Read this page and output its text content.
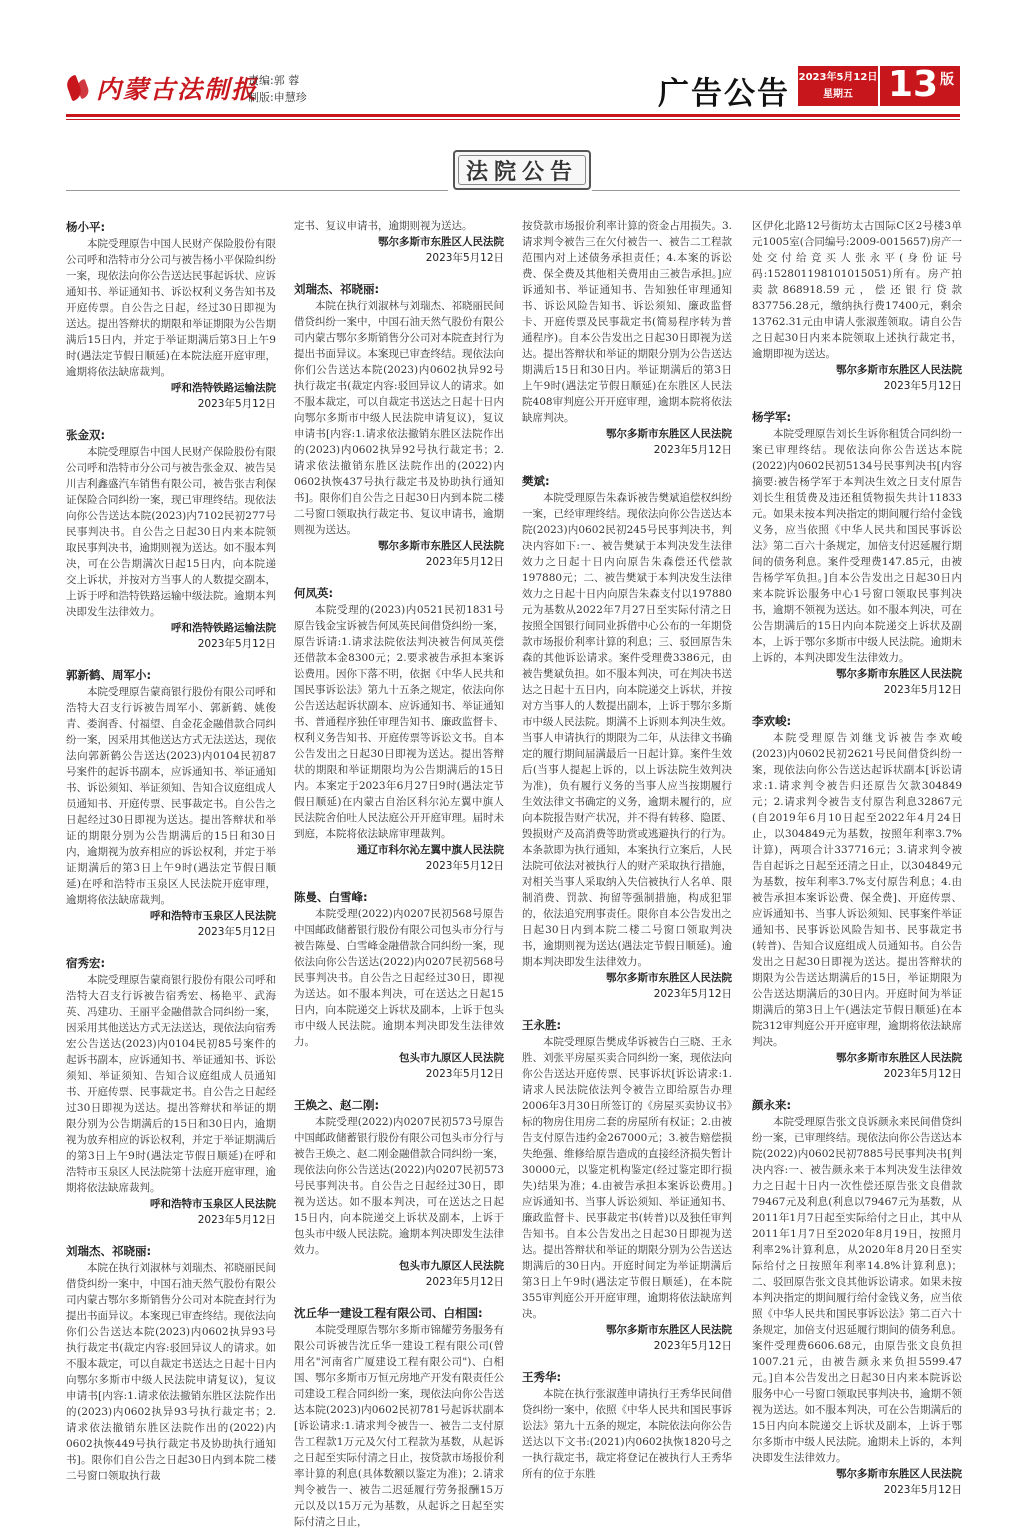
内蒙古法制报
责编:郭 蓉
制版:申慧珍	广告公告 2023年5月12日
星期五 13 版
法院公告
杨小平:
本院受理原告中国人民财产保险股份有限公司呼和浩特市分公司与被告杨小平保险纠纷一案，现依法向你公告送达民事起诉状、应诉通知书、举证通知书、诉讼权利义务告知书及开庭传票。自公告之日起，经过30日即视为送达。提出答辩状的期限和举证期限为公告期满后15日内，并定于举证期满后第3日上午9时(遇法定节假日顺延)在本院法庭开庭审理，逾期将依法缺席裁判。
呼和浩特铁路运输法院
2023年5月12日
张金双:
本院受理原告中国人民财产保险股份有限公司呼和浩特市分公司与被告张金双、被告吴川吉利鑫盛汽车销售有限公司，被告张吉利保证保险合同纠纷一案，现已审理终结。现依法向你公告送达本院(2023)内7102民初277号民事判决书。自公告之日起30日内来本院领取民事判决书，逾期则视为送达。如不服本判决，可在公告期满次日起15日内，向本院递交上诉状，并按对方当事人的人数提交副本，上诉于呼和浩特铁路运输中级法院。逾期本判决即发生法律效力。
呼和浩特铁路运输法院
2023年5月12日
郭新鹤、周军小:
本院受理原告蒙商银行股份有限公司呼和浩特大召支行诉被告周军小、郭新鹤、姚俊青、娄润香、付福望、自金花金融借款合同纠纷一案，因采用其他送达方式无法送达，现依法向郭新鹤公告送达(2023)内0104民初87号案件的起诉书副本，应诉通知书、举证通知书、诉讼须知、举证须知、告知合议庭组成人员通知书、开庭传票、民事裁定书。自公告之日起经过30日即视为送达。提出答辩状和举证的期限分别为公告期满后的15日和30日内，逾期视为放弃相应的诉讼权利，并定于举证期满后的第3日上午9时(遇法定节假日顺延)在呼和浩特市玉泉区人民法院开庭审理，逾期将依法缺席裁判。
呼和浩特市玉泉区人民法院
2023年5月12日
宿秀宏:
本院受理原告蒙商银行股份有限公司呼和浩特大召支行诉被告宿秀宏、杨艳平、武海英、冯建功、王丽平金融借款合同纠纷一案，因采用其他送达方式无法送达，现依法向宿秀宏公告送达(2023)内0104民初85号案件的起诉书副本，应诉通知书、举证通知书、诉讼须知、举证须知、告知合议庭组成人员通知书、开庭传票、民事裁定书。自公告之日起经过30日即视为送达。提出答辩状和举证的期限分别为公告期满后的15日和30日内，逾期视为放弃相应的诉讼权利，并定于举证期满后的第3日上午9时(遇法定节假日顺延)在呼和浩特市玉泉区人民法院第十法庭开庭审理，逾期将依法缺席裁判。
呼和浩特市玉泉区人民法院
2023年5月12日
刘瑞杰、祁晓丽:
本院在执行刘淑林与刘瑞杰、祁晓丽民间借贷纠纷一案中，中国石油天然气股份有限公司内蒙古鄂尔多斯销售分公司对本院查封行为提出书面异议。本案现已审查终结。现依法向你们公告送达本院(2023)内0602执异93号执行裁定书(裁定内容:驳回异议人的请求。如不服本裁定，可以自裁定书送达之日起十日内向鄂尔多斯市中级人民法院申请复议)，复议申请书[内容:1.请求依法撤销东胜区法院作出的(2023)内0602执异93号执行裁定书；2.请求依法撤销东胜区法院作出的(2022)内0602执恢449号执行裁定书及协助执行通知书]。限你们自公告之日起30日内到本院二楼二号窗口领取执行裁
定书、复议申请书，逾期则视为送达。
鄂尔多斯市东胜区人民法院
2023年5月12日
刘瑞杰、祁晓丽:
本院在执行刘淑林与刘瑞杰、祁晓丽民间借贷纠纷一案中，中国石油天然气股份有限公司内蒙古鄂尔多斯销售分公司对本院查封行为提出书面异议。本案现已审查终结。现依法向你们公告送达本院(2023)内0602执异92号执行裁定书(裁定内容:驳回异议人的请求。如不服本裁定，可以自裁定书送达之日起十日内向鄂尔多斯市中级人民法院申请复议)，复议申请书[内容:1.请求依法撤销东胜区法院作出的(2023)内0602执异92号执行裁定书；2.请求依法撤销东胜区法院作出的(2022)内0602执恢437号执行裁定书及协助执行通知书]。限你们自公告之日起30日内到本院二楼二号窗口领取执行裁定书、复议申请书，逾期则视为送达。
鄂尔多斯市东胜区人民法院
2023年5月12日
何凤英:
本院受理的(2023)内0521民初1831号原告钱金宝诉被告何凤英民间借贷纠纷一案，原告诉请:1.请求法院依法判决被告何凤英偿还借款本金8300元；2.要求被告承担本案诉讼费用。因你下落不明，依据《中华人民共和国民事诉讼法》第九十五条之规定，依法向你公告送达起诉状副本、应诉通知书、举证通知书、普通程序独任审理告知书、廉政监督卡、权利义务告知书、开庭传票等诉讼文书。自本公告发出之日起30日即视为送达。提出答辩状的期限和举证期限均为公告期满后的15日内。本案定于2023年6月27日9时(遇法定节假日顺延)在内蒙古自治区科尔沁左翼中旗人民法院舍伯吐人民法庭公开开庭审理。届时未到庭，本院将依法缺席审理裁判。
通辽市科尔沁左翼中旗人民法院
2023年5月12日
陈曼、白雪峰:
本院受理(2022)内0207民初568号原告中国邮政储蓄银行股份有限公司包头市分行与被告陈曼、白雪峰金融借款合同纠纷一案，现依法向你公告送达(2022)内0207民初568号民事判决书。自公告之日起经过30日，即视为送达。如不服本判决，可在送达之日起15日内，向本院递交上诉状及副本，上诉于包头市中级人民法院。逾期本判决即发生法律效力。
包头市九原区人民法院
2023年5月12日
王焕之、赵二刚:
本院受理(2022)内0207民初573号原告中国邮政储蓄银行股份有限公司包头市分行与被告王焕之、赵二刚金融借款合同纠纷一案，现依法向你公告送达(2022)内0207民初573号民事判决书。自公告之日起经过30日，即视为送达。如不服本判决，可在送达之日起15日内，向本院递交上诉状及副本，上诉于包头市中级人民法院。逾期本判决即发生法律效力。
包头市九原区人民法院
2023年5月12日
沈丘华一建设工程有限公司、白相国:
本院受理原告鄂尔多斯市锦耀劳务服务有限公司诉被告沈丘华一建设工程有限公司(曾用名"河南省广厦建设工程有限公司")、白相国、鄂尔多斯市万恒元房地产开发有限责任公司建设工程合同纠纷一案，现依法向你公告送达本院(2023)内0602民初781号起诉状副本[诉讼请求:1.请求判令被告一、被告二支付原告工程款1万元及欠付工程款为基数，从起诉之日起至实际付清之日止，按贷款市场报价利率计算的利息(具体数额以鉴定为准)；2.请求判令被告一、被告二迟延履行劳务报酬15万元以及以15万元为基数，从起诉之日起至实际付清之日止，
按贷款市场报价利率计算的资金占用损失。3.请求判令被告三在欠付被告一、被告二工程款范围内对上述债务承担责任；4.本案的诉讼费、保全费及其他相关费用由三被告承担。]应诉通知书、举证通知书、告知独任审理通知书、诉讼风险告知书、诉讼须知、廉政监督卡、开庭传票及民事裁定书(简易程序转为普通程序)。自本公告发出之日起30日即视为送达。提出答辩状和举证的期限分别为公告送达期满后15日和30日内。举证期满后的第3日上午9时(遇法定节假日顺延)在东胜区人民法院408审判庭公开开庭审理，逾期本院将依法缺席判决。
鄂尔多斯市东胜区人民法院
2023年5月12日
樊斌:
本院受理原告朱森诉被告樊斌追偿权纠纷一案，已经审理终结。现依法向你公告送达本院(2023)内0602民初245号民事判决书，判决内容如下:一、被告樊斌于本判决发生法律效力之日起十日内向原告朱森偿还代偿款197880元；二、被告樊斌于本判决发生法律效力之日起十日内向原告朱森支付以197880元为基数从2022年7月27日至实际付清之日按照全国银行间同业拆借中心公布的一年期贷款市场报价利率计算的利息；三、驳回原告朱森的其他诉讼请求。案件受理费3386元，由被告樊斌负担。如不服本判决，可在判决书送达之日起十五日内，向本院递交上诉状，并按对方当事人的人数提出副本，上诉于鄂尔多斯市中级人民法院。期满不上诉则本判决生效。当事人申请执行的期限为二年，从法律文书确定的履行期间届满最后一日起计算。案件生效后(当事人提起上诉的，以上诉法院生效判决为准)，负有履行义务的当事人应当按期履行生效法律文书确定的义务，逾期未履行的，应向本院报告财产状况，并不得有转移、隐匿、毁损财产及高消费等助赏或逃避执行的行为。本条款即为执行通知，本案执行立案后，人民法院可依法对被执行人的财产采取执行措施，对相关当事人采取纳入失信被执行人名单、限制消费、罚款、拘留等强制措施，构成犯罪的，依法追究刑事责任。限你自本公告发出之日起30日内到本院二楼二号窗口领取判决书，逾期则视为送达(遇法定节假日顺延)。逾期本判决即发生法律效力。
鄂尔多斯市东胜区人民法院
2023年5月12日
王永胜:
本院受理原告樊成华诉被告白三晓、王永胜、刘张平房屋买卖合同纠纷一案，现依法向你公告送达开庭传票、民事诉状[诉讼请求:1.请求人民法院依法判令被告立即给原告办理2006年3月30日所签订的《房屋买卖协议书》标的物房住用房二套的房屋所有权证；2.由被告支付原告违约金267000元；3.被告赔偿损失绝强、维修给原告造成的直接经济损失暂计30000元，以鉴定机构鉴定(经过鉴定即行损失)结果为准；4.由被告承担本案诉讼费用。]应诉通知书、当事人诉讼须知、举证通知书、廉政监督卡、民事裁定书(转普)以及独任审判告知书。自本公告发出之日起30日即视为送达。提出答辩状和举证的期限分别为公告送达期满后的30日内。开庭时间定为举证期满后第3日上午9时(遇法定节假日顺延)，在本院355审判庭公开开庭审理，逾期将依法缺席判决。
鄂尔多斯市东胜区人民法院
2023年5月12日
王秀华:
本院在执行张淑莲申请执行王秀华民间借贷纠纷一案中，依照《中华人民共和国民事诉讼法》第九十五条的规定，本院依法向你公告送达以下文书:(2021)内0602执恢1820号之一执行裁定书，裁定将登记在被执行人王秀华所有的位于东胜
区伊化北路12号街坊太古国际C区2号楼3单元1005室(合同编号:2009-0015657)房产一处交付给竞买人张永平(身份证号码:152801198101015051)所有。房产拍卖款868918.59元，偿还银行贷款837756.28元，缴纳执行费17400元，剩余13762.31元由申请人张淑莲领取。请自公告之日起30日内来本院领取上述执行裁定书，逾期即视为送达。
鄂尔多斯市东胜区人民法院
2023年5月12日
杨学军:
本院受理原告刘长生诉你租赁合同纠纷一案已审理终结。现依法向你公告送达本院(2022)内0602民初5134号民事判决书[内容摘要:被告杨学军于本判决生效之日支付原告刘长生租赁费及违还租赁物损失共计11833元。如果未按本判决指定的期间履行给付金钱义务，应当依照《中华人民共和国民事诉讼法》第二百六十条规定，加倍支付迟延履行期间的债务利息。案件受理费147.85元，由被告杨学军负担。]自本公告发出之日起30日内来本院诉讼服务中心1号窗口领取民事判决书，逾期不领视为送达。如不服本判决，可在公告期满后的15日内向本院递交上诉状及副本，上诉于鄂尔多斯市中级人民法院。逾期未上诉的，本判决即发生法律效力。
鄂尔多斯市东胜区人民法院
2023年5月12日
李欢峻:
本院受理原告刘继戈诉被告李欢峻(2023)内0602民初2621号民间借贷纠纷一案，现依法向你公告送达起诉状副本[诉讼请求:1.请求判令被告归还原告欠款304849元；2.请求判令被告支付原告利息32867元(自2019年6月10日起至2022年4月24日止，以304849元为基数，按照年利率3.7%计算)，两项合计337716元；3.请求判令被告自起诉之日起至还清之日止，以304849元为基数，按年利率3.7%支付原告利息；4.由被告承担本案诉讼费、保全费]、开庭传票、应诉通知书、当事人诉讼须知、民事案件举证通知书、民事诉讼风险告知书、民事裁定书(转普)、告知合议庭组成人员通知书。自公告发出之日起30日即视为送达。提出答辩状的期限为公告送达期满后的15日，举证期限为公告送达期满后的30日内。开庭时间为举证期满后的第3日上午(遇法定节假日顺延)在本院312审判庭公开开庭审理，逾期将依法缺席判决。
鄂尔多斯市东胜区人民法院
2023年5月12日
颜永来:
本院受理原告张文良诉颜永来民间借贷纠纷一案，已审理终结。现依法向你公告送达本院(2022)内0602民初7885号民事判决书[判决内容:一、被告颜永来于本判决发生法律效力之日起十日内一次性偿还原告张文良借款79467元及利息(利息以79467元为基数，从2011年1月7日起至实际给付之日止，其中从2011年1月7日至2020年8月19日，按照月利率2%计算利息，从2020年8月20日至实际给付之日按照年利率14.8%计算利息)；二、驳回原告张文良其他诉讼请求。如果未按本判决指定的期间履行给付金钱义务，应当依照《中华人民共和国民事诉讼法》第二百六十条规定，加倍支付迟延履行期间的债务利息。案件受理费6606.68元，由原告张文良负担1007.21元，由被告颜永来负担5599.47元。]自本公告发出之日起30日内来本院诉讼服务中心一号窗口领取民事判决书，逾期不领视为送达。如不服本判决，可在公告期满后的15日内向本院递交上诉状及副本，上诉于鄂尔多斯市中级人民法院。逾期未上诉的，本判决即发生法律效力。
鄂尔多斯市东胜区人民法院
2023年5月12日
